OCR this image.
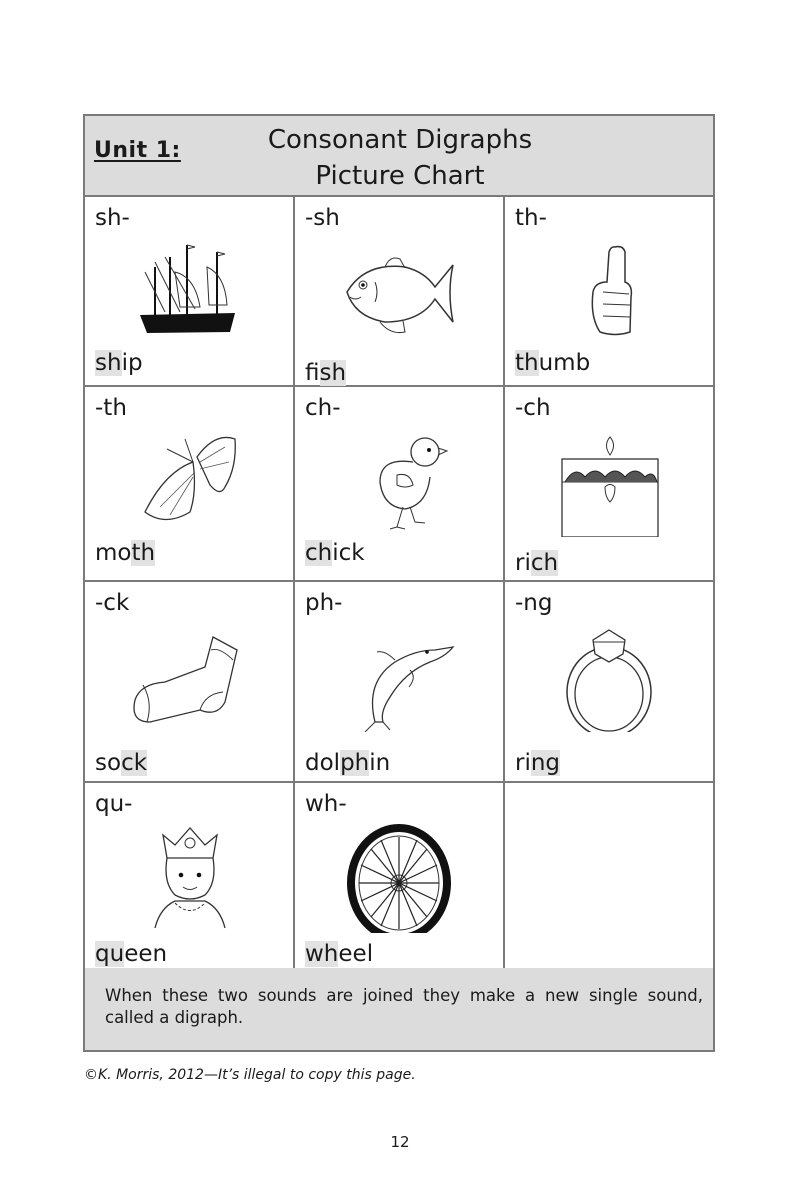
Unit 1:	Consonant Digraphs
Picture Chart
sh-
ship
-sh
fish
th-
thumb
-th
moth
ch-
chick
-ch
rich
-ck
sock
ph-
dolphin
-ng
ring
qu-
queen
wh-
wheel
When these two sounds are joined they make a new single sound, called a digraph.
©K. Morris, 2012—It’s illegal to copy this page.
12
